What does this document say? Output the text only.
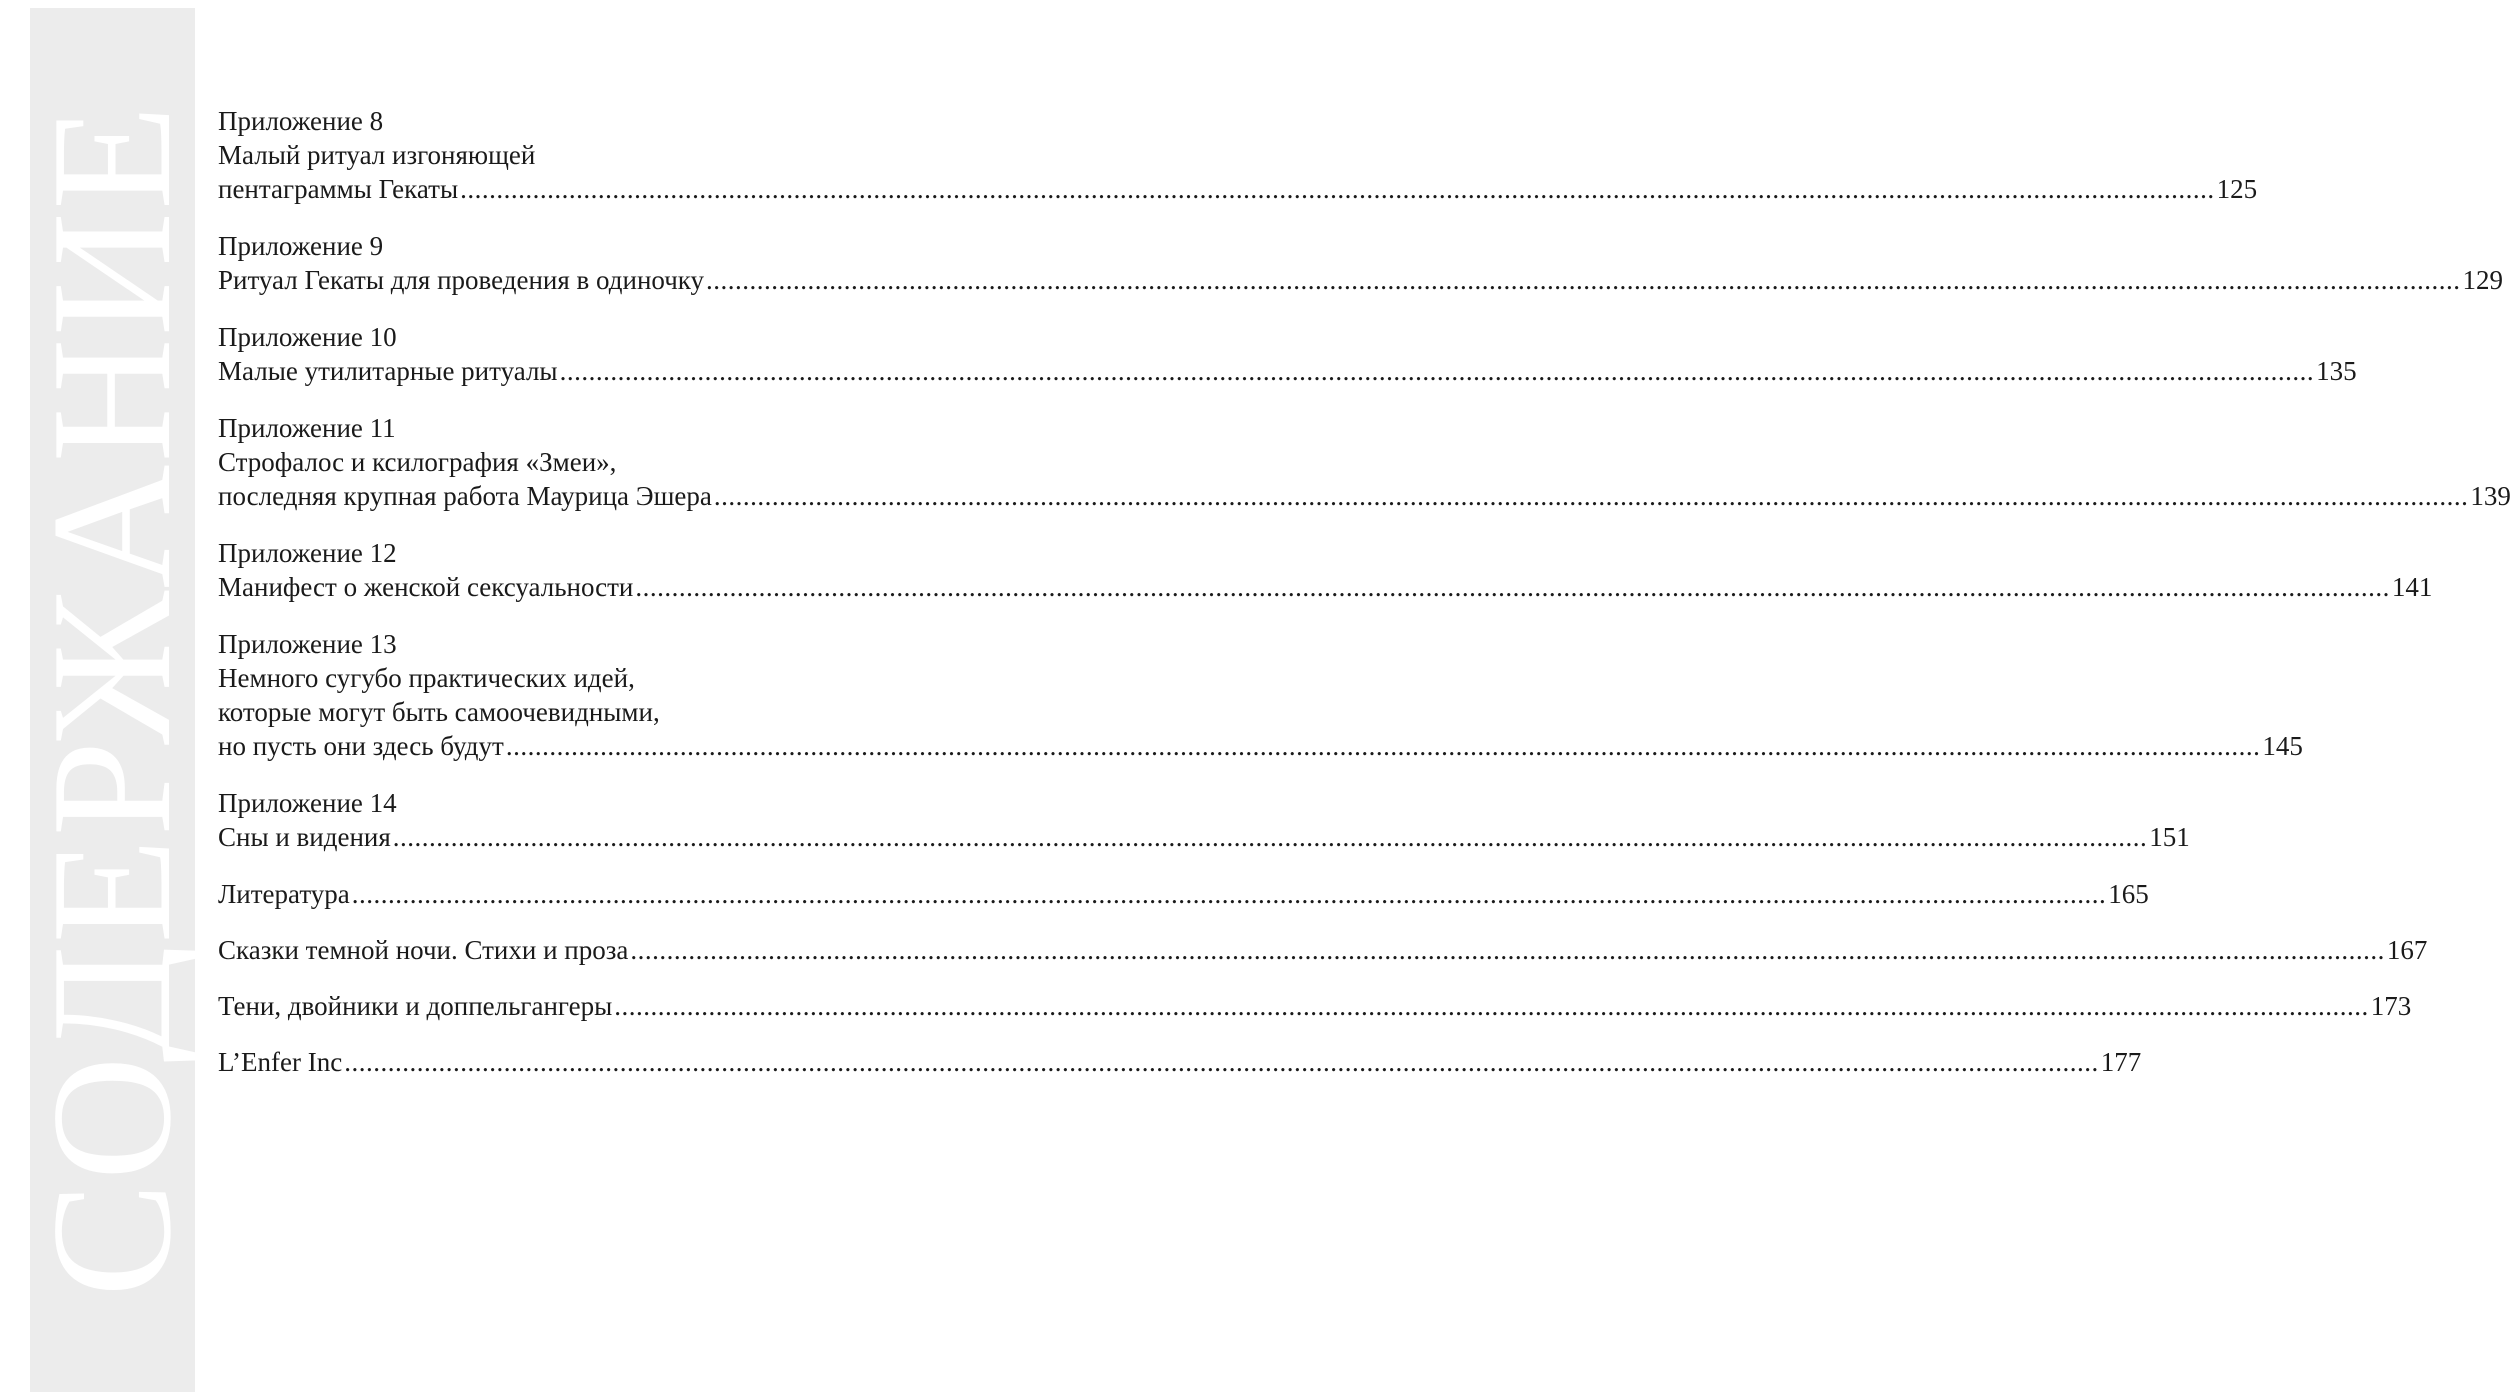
СОДЕРЖАНИЕ Приложение 8
Малый ритуал изгоняющей
пентаграммы Гекаты .....	125
Приложение 9
Ритуал Гекаты для проведения в одиночку .....	129
Приложение 10
Малые утилитарные ритуалы .....	135
Приложение 11
Строфалос и ксилография «Змеи»,
последняя крупная работа Маурица Эшера .....	139
Приложение 12
Манифест о женской сексуальности .....	141
Приложение 13
Немного сугубо практических идей,
которые могут быть самоочевидными,
но пусть они здесь будут .....	145
Приложение 14
Сны и видения .....	151
Литература .....	165
Сказки темной ночи. Стихи и проза .....	167
Тени, двойники и доппельгангеры .....	173
L’Enfer Inc .....	177
